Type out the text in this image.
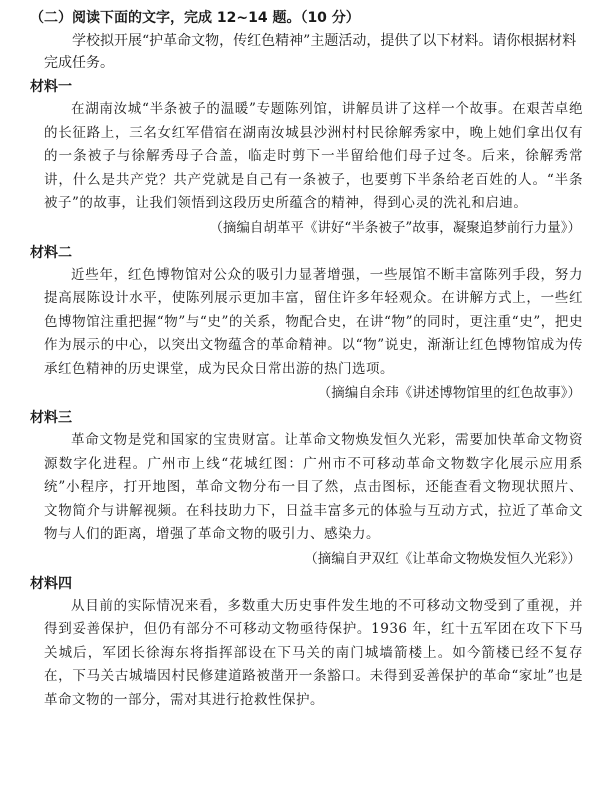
（二）阅读下面的文字，完成 12~14 题。（10 分）

学校拟开展“护革命文物，传红色精神”主题活动，提供了以下材料。请你根据材料完成任务。

材料一

在湖南汝城“半条被子的温暖”专题陈列馆，讲解员讲了这样一个故事。在艰苦卓绝的长征路上，三名女红军借宿在湖南汝城县沙洲村村民徐解秀家中，晚上她们拿出仅有的一条被子与徐解秀母子合盖，临走时剪下一半留给他们母子过冬。后来，徐解秀常讲，什么是共产党？共产党就是自己有一条被子，也要剪下半条给老百姓的人。“半条被子”的故事，让我们领悟到这段历史所蕴含的精神，得到心灵的洗礼和启迪。

（摘编自胡革平《讲好“半条被子”故事，凝聚追梦前行力量》）

材料二

近些年，红色博物馆对公众的吸引力显著增强，一些展馆不断丰富陈列手段，努力提高展陈设计水平，使陈列展示更加丰富，留住许多年轻观众。在讲解方式上，一些红色博物馆注重把握“物”与“史”的关系，物配合史，在讲“物”的同时，更注重“史”，把史作为展示的中心，以突出文物蕴含的革命精神。以“物”说史，渐渐让红色博物馆成为传承红色精神的历史课堂，成为民众日常出游的热门选项。

（摘编自余玮《讲述博物馆里的红色故事》）

材料三

革命文物是党和国家的宝贵财富。让革命文物焕发恒久光彩，需要加快革命文物资源数字化进程。广州市上线“花城红图：广州市不可移动革命文物数字化展示应用系统”小程序，打开地图，革命文物分布一目了然，点击图标，还能查看文物现状照片、文物简介与讲解视频。在科技助力下，日益丰富多元的体验与互动方式，拉近了革命文物与人们的距离，增强了革命文物的吸引力、感染力。

（摘编自尹双红《让革命文物焕发恒久光彩》）

材料四

从目前的实际情况来看，多数重大历史事件发生地的不可移动文物受到了重视，并得到妥善保护，但仍有部分不可移动文物亟待保护。1936 年，红十五军团在攻下下马关城后，军团长徐海东将指挥部设在下马关的南门城墙箭楼上。如今箭楼已经不复存在，下马关古城墙因村民修建道路被凿开一条豁口。未得到妥善保护的革命“家址”也是革命文物的一部分，需对其进行抢救性保护。
